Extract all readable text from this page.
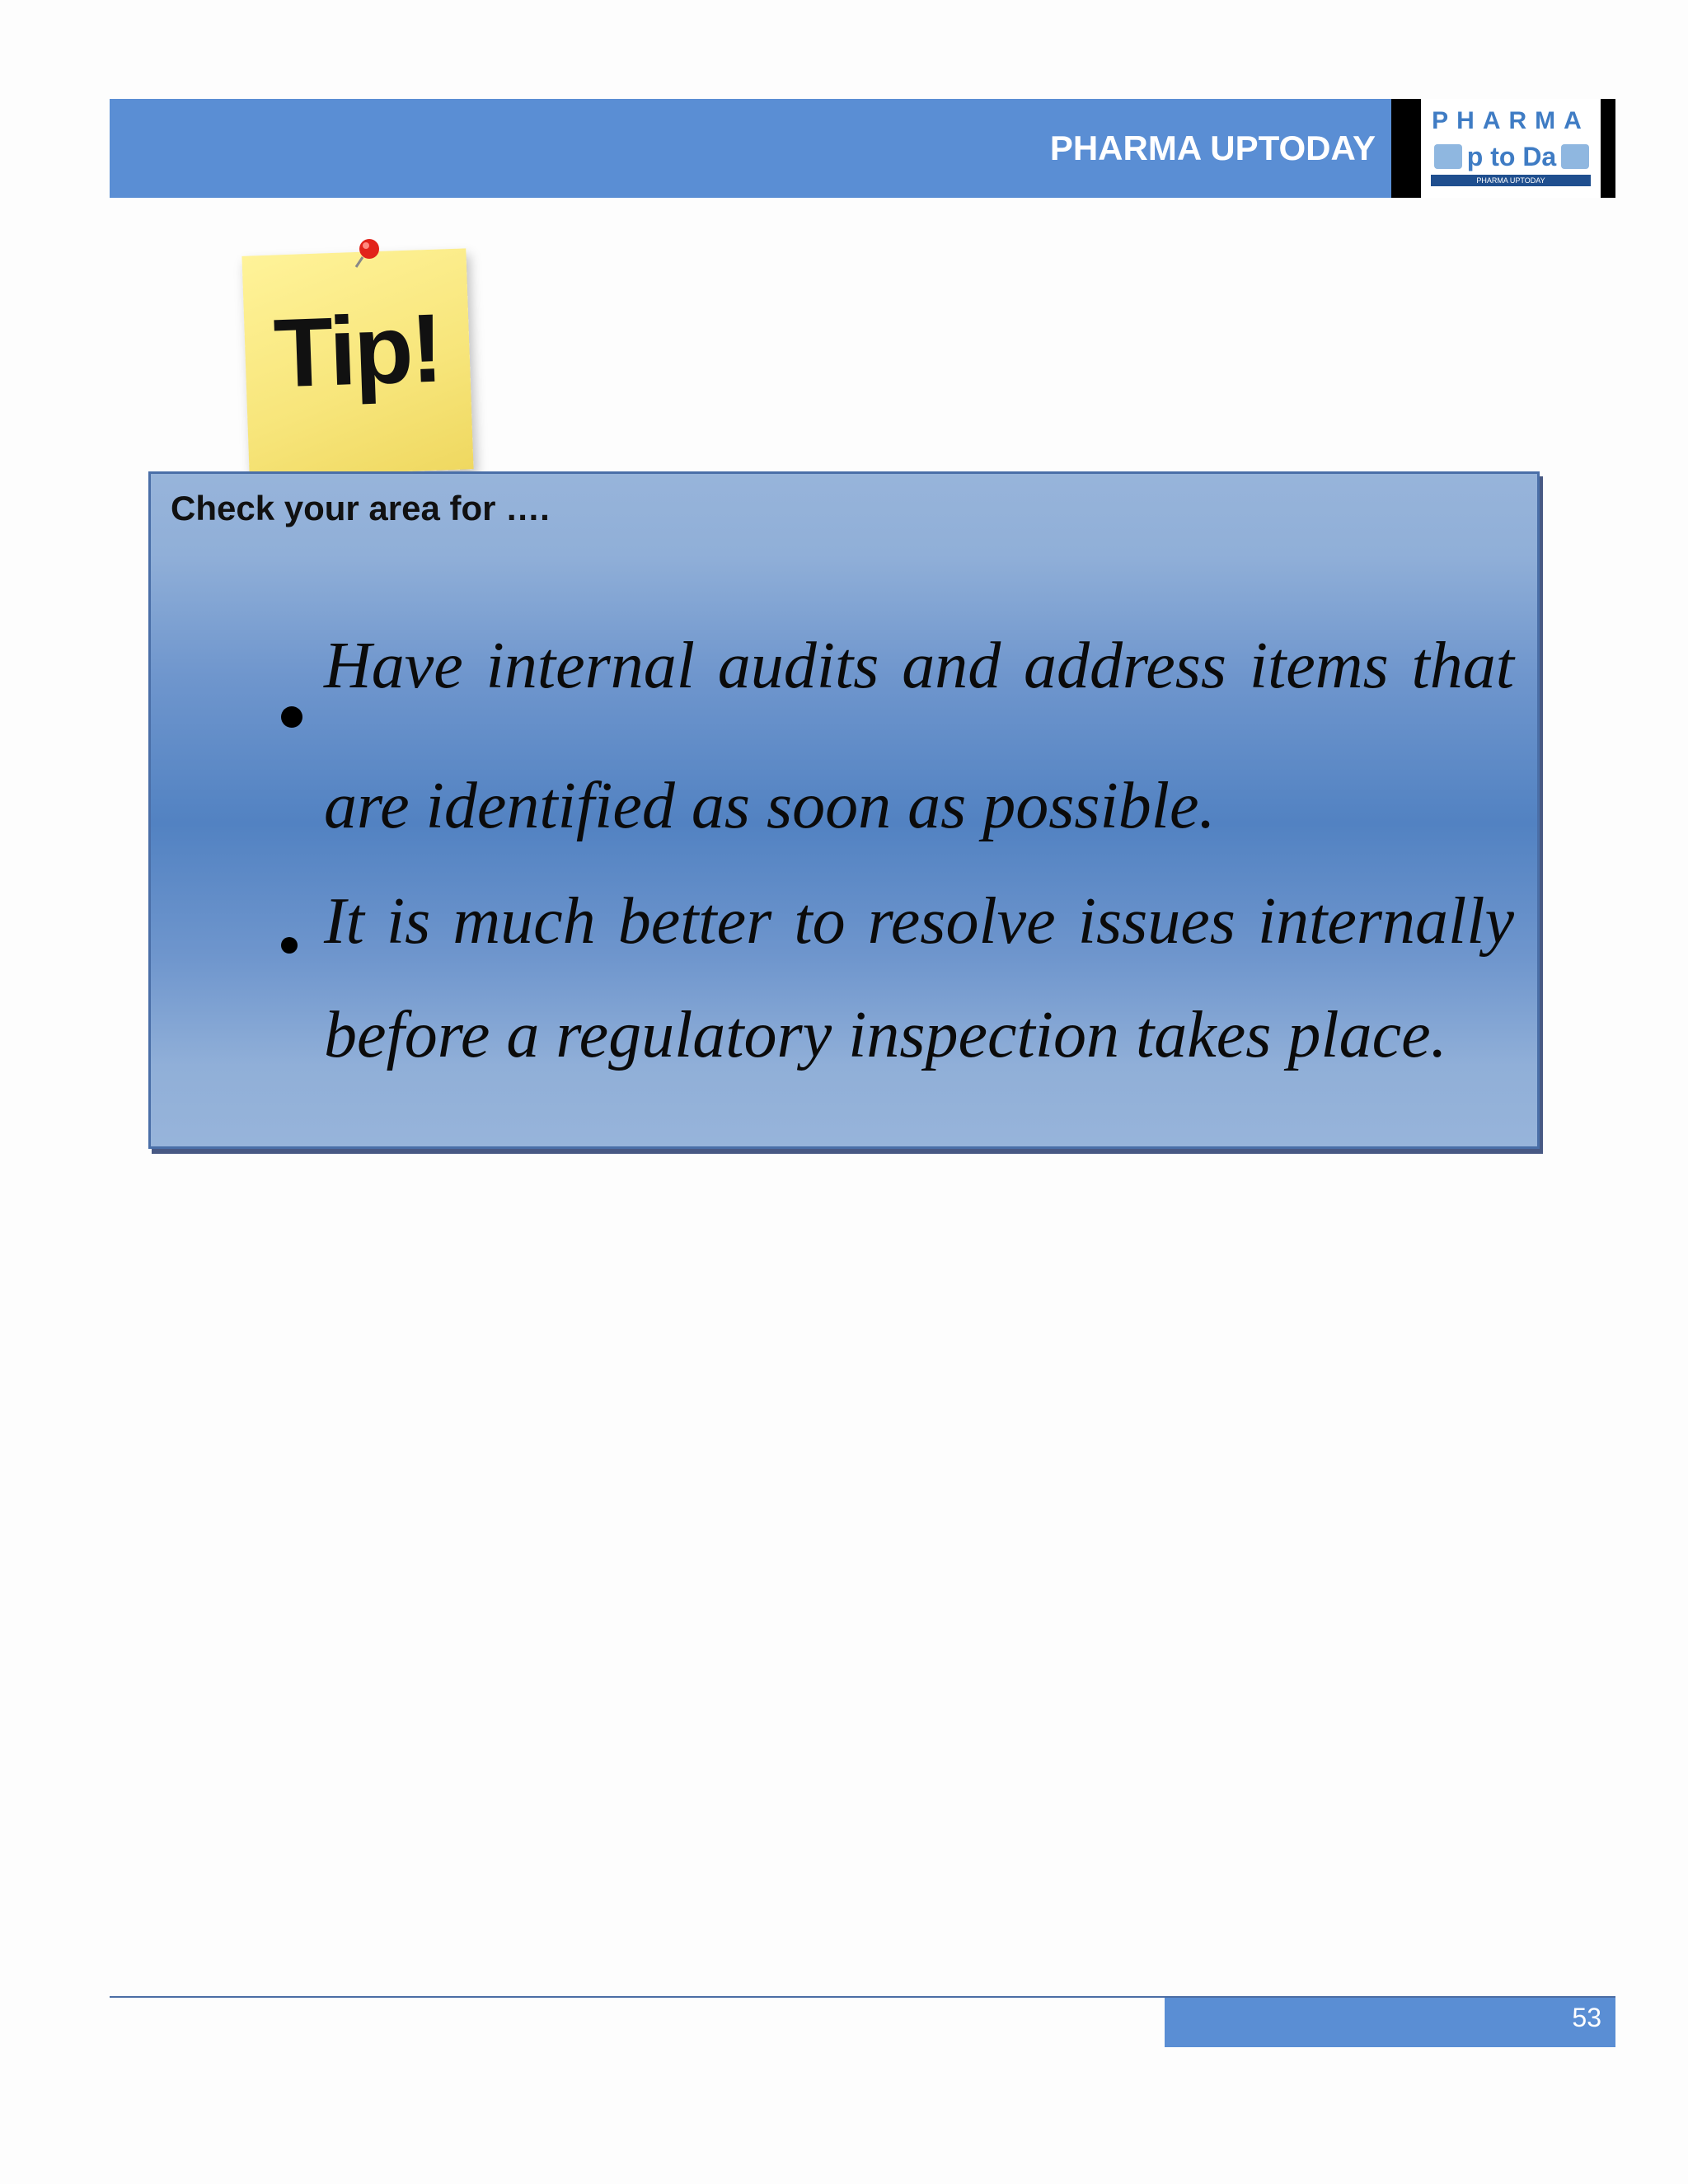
PHARMA UPTODAY
PHARMA
p to Da
PHARMA UPTODAY
Tip!
Check your area for ….
Have internal audits and address items that are identified as soon as possible.
It is much better to resolve issues internally before a regulatory inspection takes place.
53
